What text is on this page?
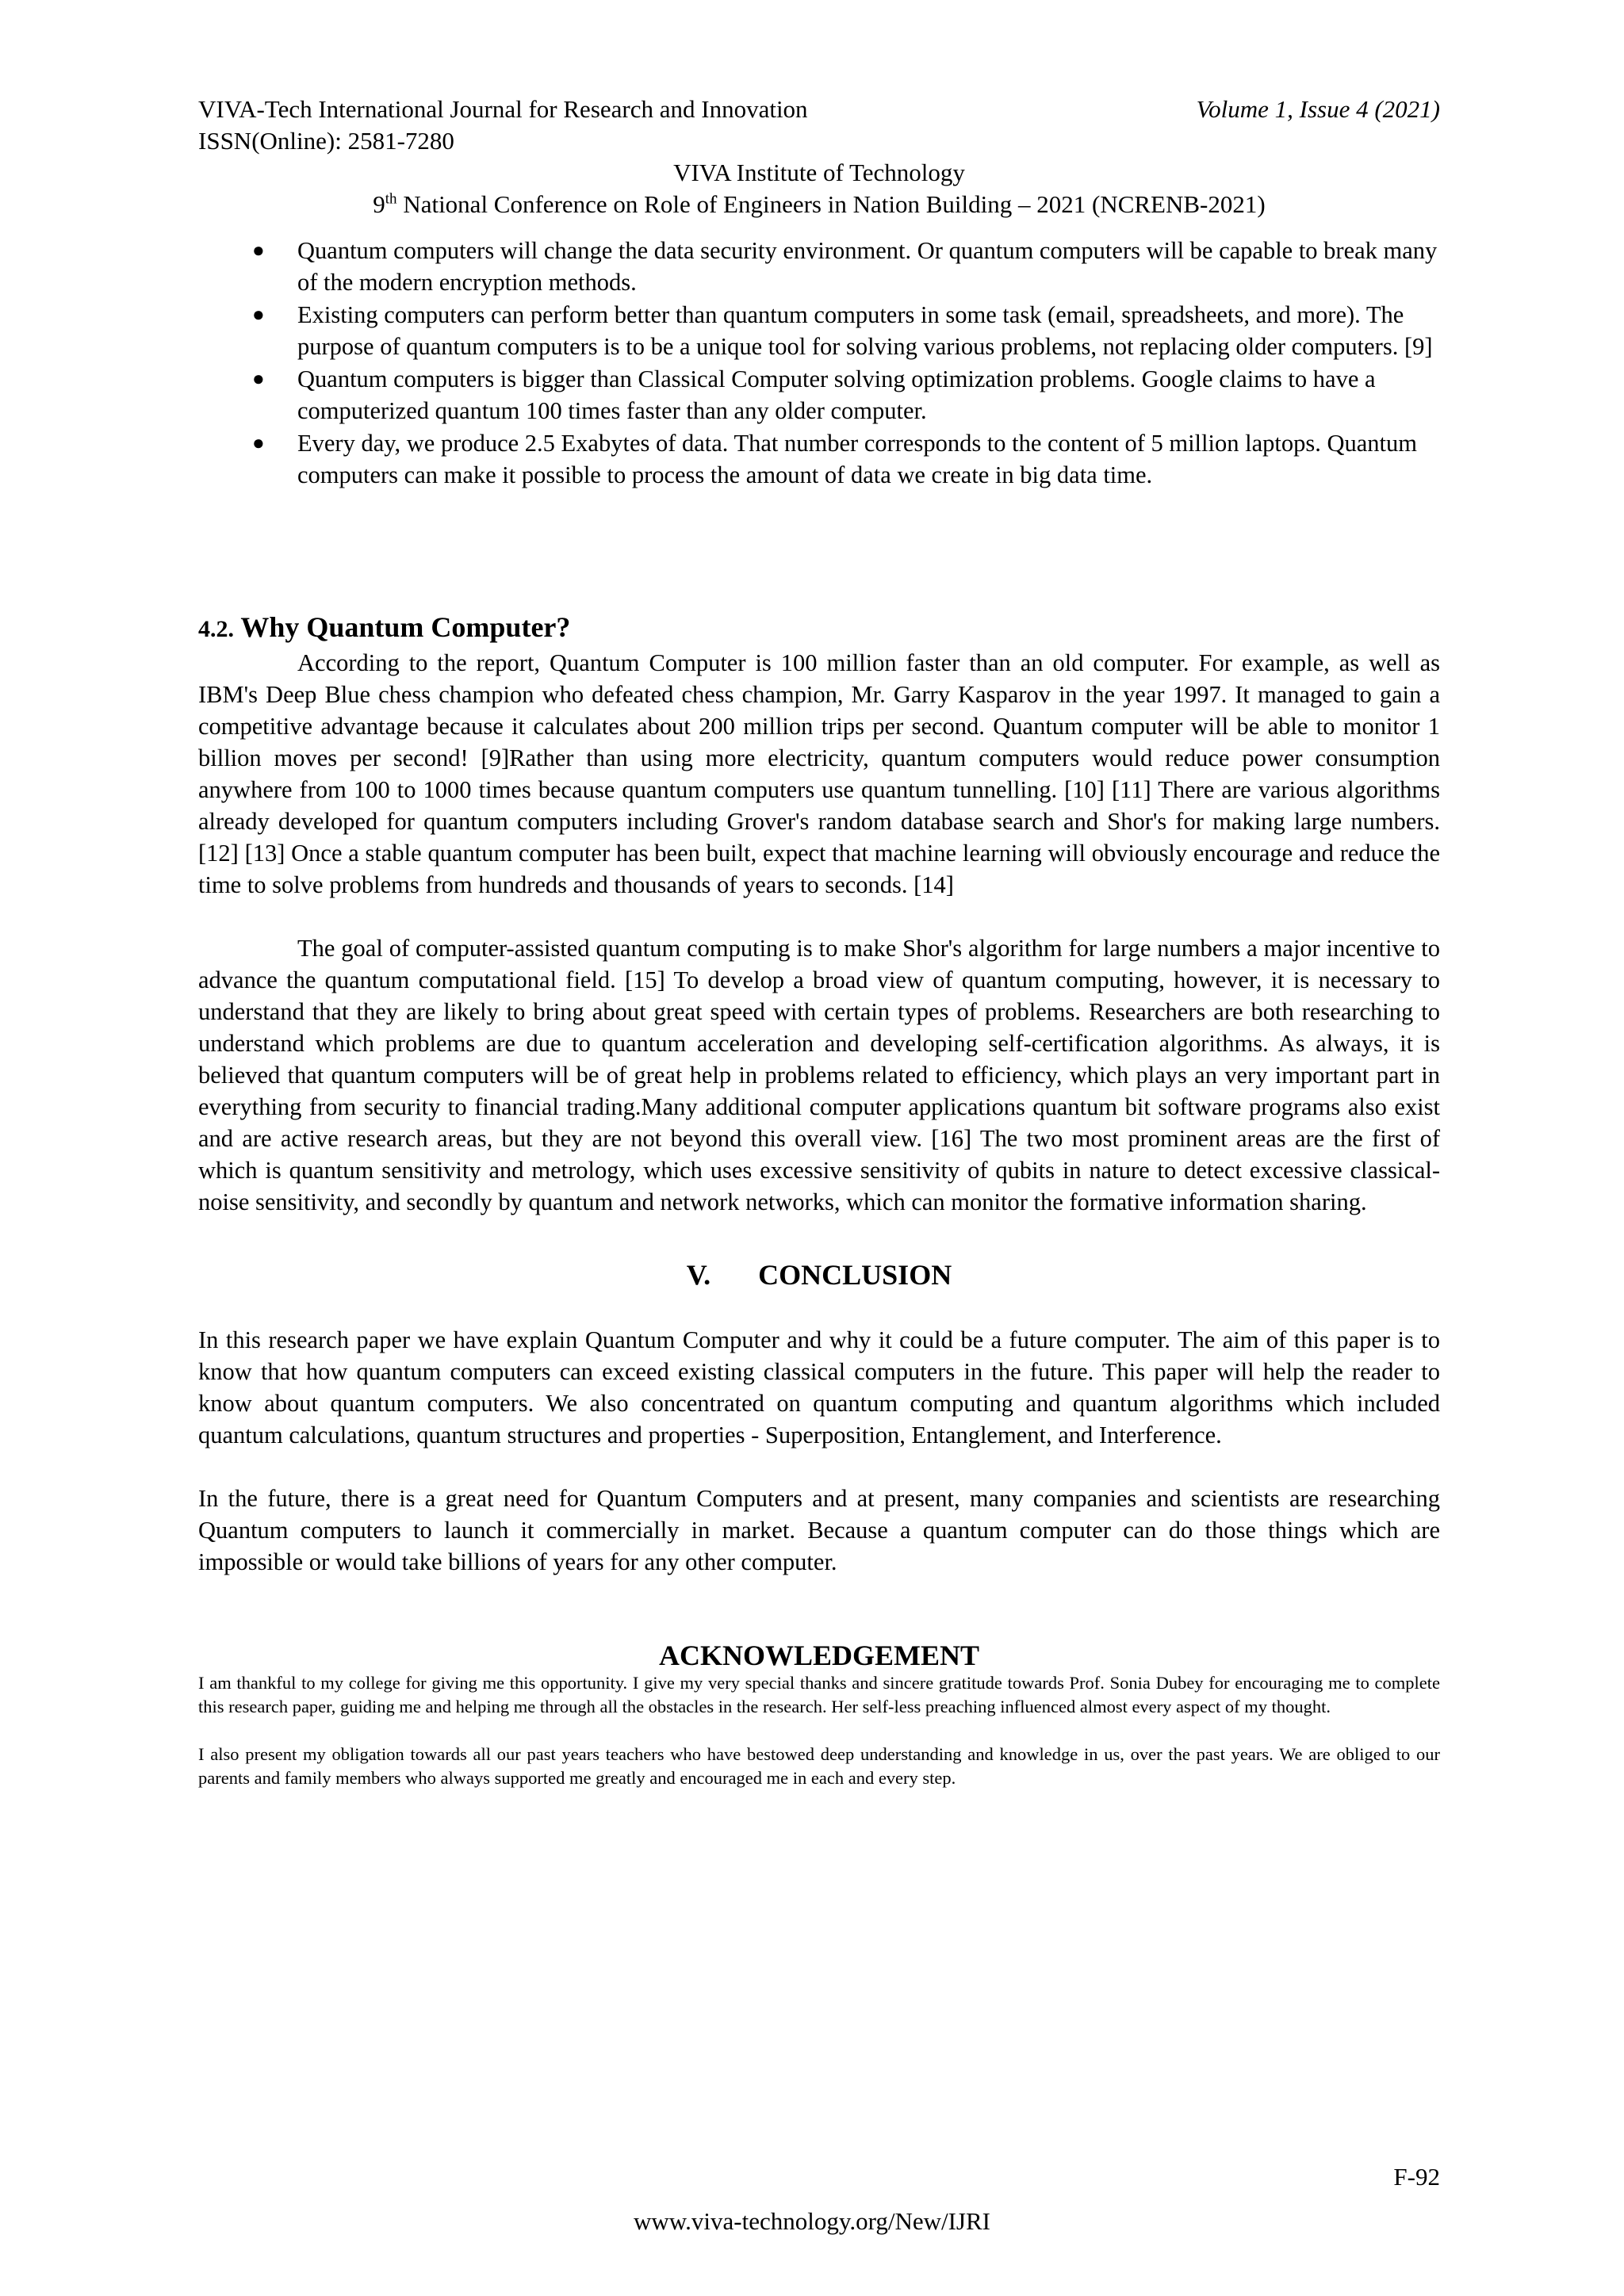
VIVA-Tech International Journal for Research and Innovation	Volume 1, Issue 4 (2021)
ISSN(Online): 2581-7280
VIVA Institute of Technology
9th National Conference on Role of Engineers in Nation Building – 2021 (NCRENB-2021)
● Quantum computers will change the data security environment. Or quantum computers will be capable to break many of the modern encryption methods.
● Existing computers can perform better than quantum computers in some task (email, spreadsheets, and more). The purpose of quantum computers is to be a unique tool for solving various problems, not replacing older computers. [9]
● Quantum computers is bigger than Classical Computer solving optimization problems. Google claims to have a computerized quantum 100 times faster than any older computer.
● Every day, we produce 2.5 Exabytes of data. That number corresponds to the content of 5 million laptops. Quantum computers can make it possible to process the amount of data we create in big data time.
4.2. Why Quantum Computer?

According to the report, Quantum Computer is 100 million faster than an old computer. For example, as well as IBM's Deep Blue chess champion who defeated chess champion, Mr. Garry Kasparov in the year 1997. It managed to gain a competitive advantage because it calculates about 200 million trips per second. Quantum computer will be able to monitor 1 billion moves per second! [9]Rather than using more electricity, quantum computers would reduce power consumption anywhere from 100 to 1000 times because quantum computers use quantum tunnelling. [10] [11] There are various algorithms already developed for quantum computers including Grover's random database search and Shor's for making large numbers. [12] [13] Once a stable quantum computer has been built, expect that machine learning will obviously encourage and reduce the time to solve problems from hundreds and thousands of years to seconds. [14]

The goal of computer-assisted quantum computing is to make Shor's algorithm for large numbers a major incentive to advance the quantum computational field. [15] To develop a broad view of quantum computing, however, it is necessary to understand that they are likely to bring about great speed with certain types of problems. Researchers are both researching to understand which problems are due to quantum acceleration and developing self-certification algorithms. As always, it is believed that quantum computers will be of great help in problems related to efficiency, which plays an very important part in everything from security to financial trading.Many additional computer applications quantum bit software programs also exist and are active research areas, but they are not beyond this overall view. [16] The two most prominent areas are the first of which is quantum sensitivity and metrology, which uses excessive sensitivity of qubits in nature to detect excessive classical-noise sensitivity, and secondly by quantum and network networks, which can monitor the formative information sharing.

V. CONCLUSION

In this research paper we have explain Quantum Computer and why it could be a future computer. The aim of this paper is to know that how quantum computers can exceed existing classical computers in the future. This paper will help the reader to know about quantum computers. We also concentrated on quantum computing and quantum algorithms which included quantum calculations, quantum structures and properties - Superposition, Entanglement, and Interference.

In the future, there is a great need for Quantum Computers and at present, many companies and scientists are researching Quantum computers to launch it commercially in market. Because a quantum computer can do those things which are impossible or would take billions of years for any other computer.

ACKNOWLEDGEMENT

I am thankful to my college for giving me this opportunity. I give my very special thanks and sincere gratitude towards Prof. Sonia Dubey for encouraging me to complete this research paper, guiding me and helping me through all the obstacles in the research. Her self-less preaching influenced almost every aspect of my thought.

I also present my obligation towards all our past years teachers who have bestowed deep understanding and knowledge in us, over the past years. We are obliged to our parents and family members who always supported me greatly and encouraged me in each and every step.

F-92
www.viva-technology.org/New/IJRI
